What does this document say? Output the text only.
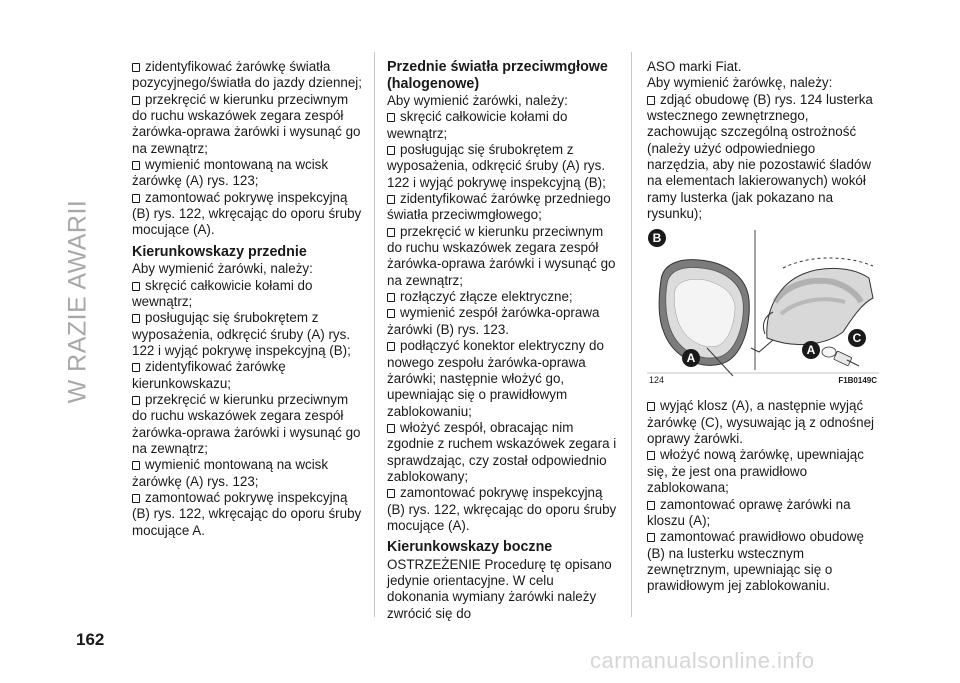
W RAZIE AWARII

zidentyfikować żarówkę światła pozycyjnego/światła do jazdy dziennej;

przekręcić w kierunku przeciwnym do ruchu wskazówek zegara zespół żarówka-oprawa żarówki i wysunąć go na zewnątrz;

wymienić montowaną na wcisk żarówkę (A) rys. 123;

zamontować pokrywę inspekcyjną (B) rys. 122, wkręcając do oporu śruby mocujące (A).

Kierunkowskazy przednie

Aby wymienić żarówki, należy:

skręcić całkowicie kołami do wewnątrz;

posługując się śrubokrętem z wyposażenia, odkręcić śruby (A) rys. 122 i wyjąć pokrywę inspekcyjną (B);

zidentyfikować żarówkę kierunkowskazu;

przekręcić w kierunku przeciwnym do ruchu wskazówek zegara zespół żarówka-oprawa żarówki i wysunąć go na zewnątrz;

wymienić montowaną na wcisk żarówkę (A) rys. 123;

zamontować pokrywę inspekcyjną (B) rys. 122, wkręcając do oporu śruby mocujące A.

Przednie światła przeciwmgłowe (halogenowe)

Aby wymienić żarówki, należy:

skręcić całkowicie kołami do wewnątrz;

posługując się śrubokrętem z wyposażenia, odkręcić śruby (A) rys. 122 i wyjąć pokrywę inspekcyjną (B);

zidentyfikować żarówkę przedniego światła przeciwmgłowego;

przekręcić w kierunku przeciwnym do ruchu wskazówek zegara zespół żarówka-oprawa żarówki i wysunąć go na zewnątrz;

rozłączyć złącze elektryczne;

wymienić zespół żarówka-oprawa żarówki (B) rys. 123.

podłączyć konektor elektryczny do nowego zespołu żarówka-oprawa żarówki; następnie włożyć go, upewniając się o prawidłowym zablokowaniu;

włożyć zespół, obracając nim zgodnie z ruchem wskazówek zegara i sprawdzając, czy został odpowiednio zablokowany;

zamontować pokrywę inspekcyjną (B) rys. 122, wkręcając do oporu śruby mocujące (A).

Kierunkowskazy boczne

OSTRZEŻENIE Procedurę tę opisano jedynie orientacyjne. W celu dokonania wymiany żarówki należy zwrócić się do

ASO marki Fiat.

Aby wymienić żarówkę, należy:

zdjąć obudowę (B) rys. 124 lusterka wstecznego zewnętrznego, zachowując szczególną ostrożność (należy użyć odpowiedniego narzędzia, aby nie pozostawić śladów na elementach lakierowanych) wokół ramy lusterka (jak pokazano na rysunku);

B
A
A
C
124	F1B0149C

wyjąć klosz (A), a następnie wyjąć żarówkę (C), wysuwając ją z odnośnej oprawy żarówki.

włożyć nową żarówkę, upewniając się, że jest ona prawidłowo zablokowana;

zamontować oprawę żarówki na kloszu (A);

zamontować prawidłowo obudowę (B) na lusterku wstecznym zewnętrznym, upewniając się o prawidłowym jej zablokowaniu.

162
carmanualsonline.info
